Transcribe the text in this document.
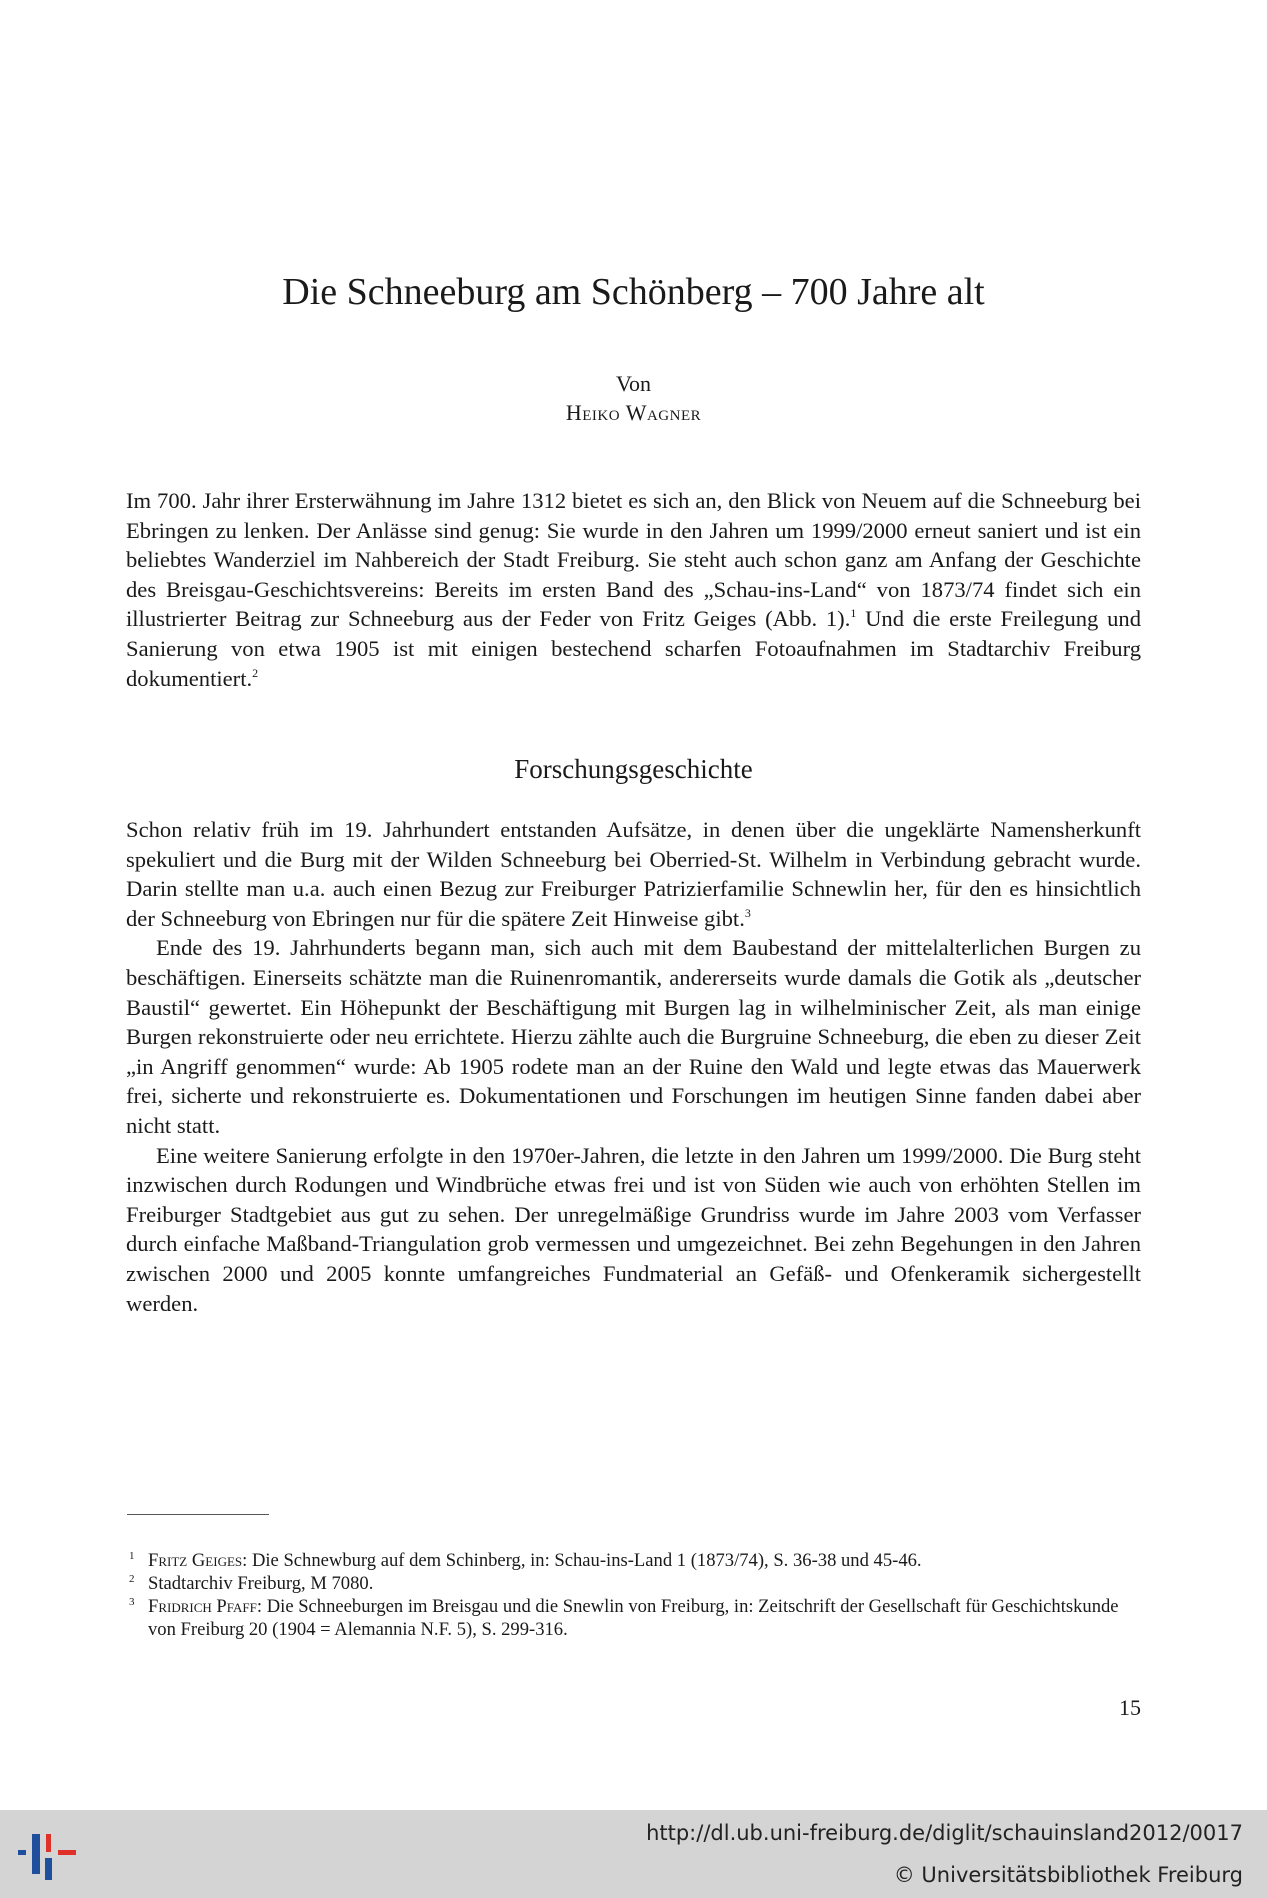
Die Schneeburg am Schönberg – 700 Jahre alt
Von
Heiko Wagner

Im 700. Jahr ihrer Ersterwähnung im Jahre 1312 bietet es sich an, den Blick von Neuem auf die Schneeburg bei Ebringen zu lenken. Der Anlässe sind genug: Sie wurde in den Jahren um 1999/2000 erneut saniert und ist ein beliebtes Wanderziel im Nahbereich der Stadt Freiburg. Sie steht auch schon ganz am Anfang der Geschichte des Breisgau-Geschichtsvereins: Bereits im ersten Band des „Schau-ins-Land“ von 1873/74 findet sich ein illustrierter Beitrag zur Schneeburg aus der Feder von Fritz Geiges (Abb. 1).$^1$ Und die erste Freilegung und Sanierung von etwa 1905 ist mit einigen bestechend scharfen Fotoaufnahmen im Stadtarchiv Freiburg dokumentiert.$^2$

Forschungsgeschichte

Schon relativ früh im 19. Jahrhundert entstanden Aufsätze, in denen über die ungeklärte Namensherkunft spekuliert und die Burg mit der Wilden Schneeburg bei Oberried-St. Wilhelm in Verbindung gebracht wurde. Darin stellte man u.a. auch einen Bezug zur Freiburger Patrizierfamilie Schnewlin her, für den es hinsichtlich der Schneeburg von Ebringen nur für die spätere Zeit Hinweise gibt.$^3$

Ende des 19. Jahrhunderts begann man, sich auch mit dem Baubestand der mittelalterlichen Burgen zu beschäftigen. Einerseits schätzte man die Ruinenromantik, andererseits wurde damals die Gotik als „deutscher Baustil“ gewertet. Ein Höhepunkt der Beschäftigung mit Burgen lag in wilhelminischer Zeit, als man einige Burgen rekonstruierte oder neu errichtete. Hierzu zählte auch die Burgruine Schneeburg, die eben zu dieser Zeit „in Angriff genommen“ wurde: Ab 1905 rodete man an der Ruine den Wald und legte etwas das Mauerwerk frei, sicherte und rekonstruierte es. Dokumentationen und Forschungen im heutigen Sinne fanden dabei aber nicht statt.

Eine weitere Sanierung erfolgte in den 1970er-Jahren, die letzte in den Jahren um 1999/2000. Die Burg steht inzwischen durch Rodungen und Windbrüche etwas frei und ist von Süden wie auch von erhöhten Stellen im Freiburger Stadtgebiet aus gut zu sehen. Der unregelmäßige Grundriss wurde im Jahre 2003 vom Verfasser durch einfache Maßband-Triangulation grob vermessen und umgezeichnet. Bei zehn Begehungen in den Jahren zwischen 2000 und 2005 konnte umfangreiches Fundmaterial an Gefäß- und Ofenkeramik sichergestellt werden.

1 Fritz Geiges: Die Schnewburg auf dem Schinberg, in: Schau-ins-Land 1 (1873/74), S. 36-38 und 45-46.

2 Stadtarchiv Freiburg, M 7080.

3 Fridrich Pfaff: Die Schneeburgen im Breisgau und die Snewlin von Freiburg, in: Zeitschrift der Gesellschaft für Geschichtskunde von Freiburg 20 (1904 = Alemannia N.F. 5), S. 299-316.

15
http://dl.ub.uni-freiburg.de/diglit/schauinsland2012/0017
© Universitätsbibliothek Freiburg
